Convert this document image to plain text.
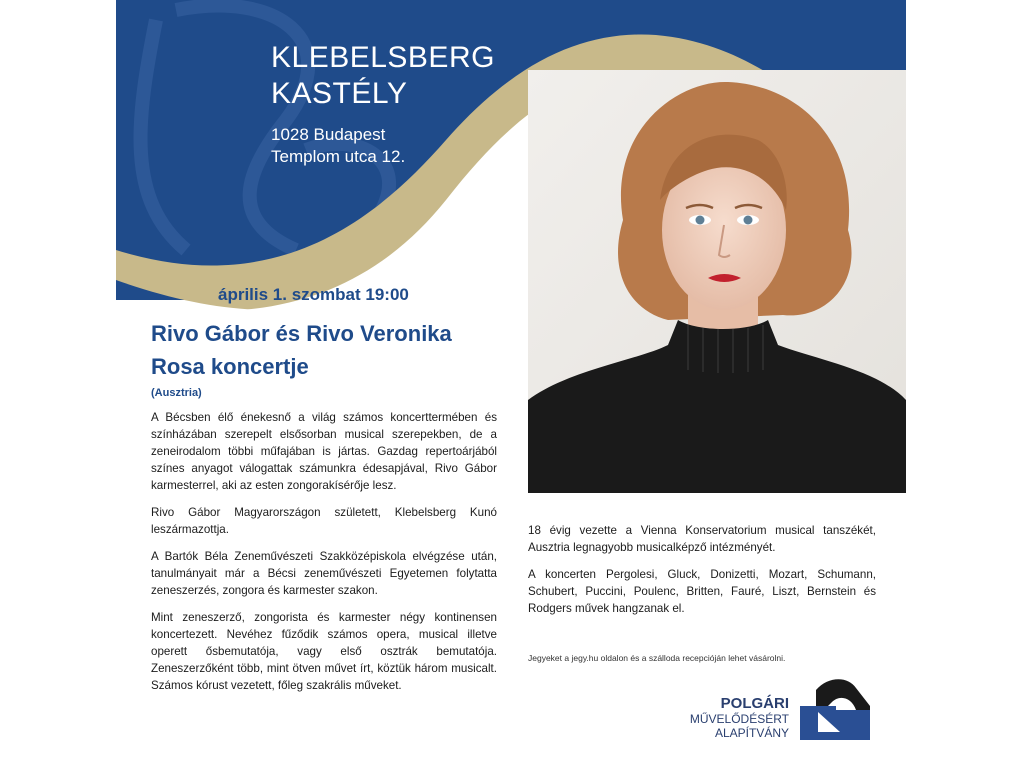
KLEBELSBERG
KASTÉLY
1028 Budapest
Templom utca 12.
április 1. szombat 19:00
Rivo Gábor és Rivo Veronika Rosa koncertje
(Ausztria)

A Bécsben élő énekesnő a világ számos koncerttermében és színházában szerepelt elsősorban musical szerepekben, de a zeneirodalom többi műfajában is jártas. Gazdag repertoárjából színes anyagot válogattak számunkra édesapjával, Rivo Gábor karmesterrel, aki az esten zongorakísérője lesz.

Rivo Gábor Magyarországon született, Klebelsberg Kunó leszármazottja.

A Bartók Béla Zeneművészeti Szakközépiskola elvégzése után, tanulmányait már a Bécsi zeneművészeti Egyetemen folytatta zeneszerzés, zongora és karmester szakon.

Mint zeneszerző, zongorista és karmester négy kontinensen koncertezett. Nevéhez fűződik számos opera, musical illetve operett ősbemutatója, vagy első osztrák bemutatója. Zeneszerzőként több, mint ötven művet írt, köztük három musicalt. Számos kórust vezetett, főleg szakrális műveket.

18 évig vezette a Vienna Konservatorium musical tanszékét, Ausztria legnagyobb musicalképző intézményét.

A koncerten Pergolesi, Gluck, Donizetti, Mozart, Schumann, Schubert, Puccini, Poulenc, Britten, Fauré, Liszt, Bernstein és Rodgers művek hangzanak el.

Jegyeket a jegy.hu oldalon és a szálloda recepcióján lehet vásárolni.
POLGÁRI
MŰVELŐDÉSÉRT
ALAPÍTVÁNY
